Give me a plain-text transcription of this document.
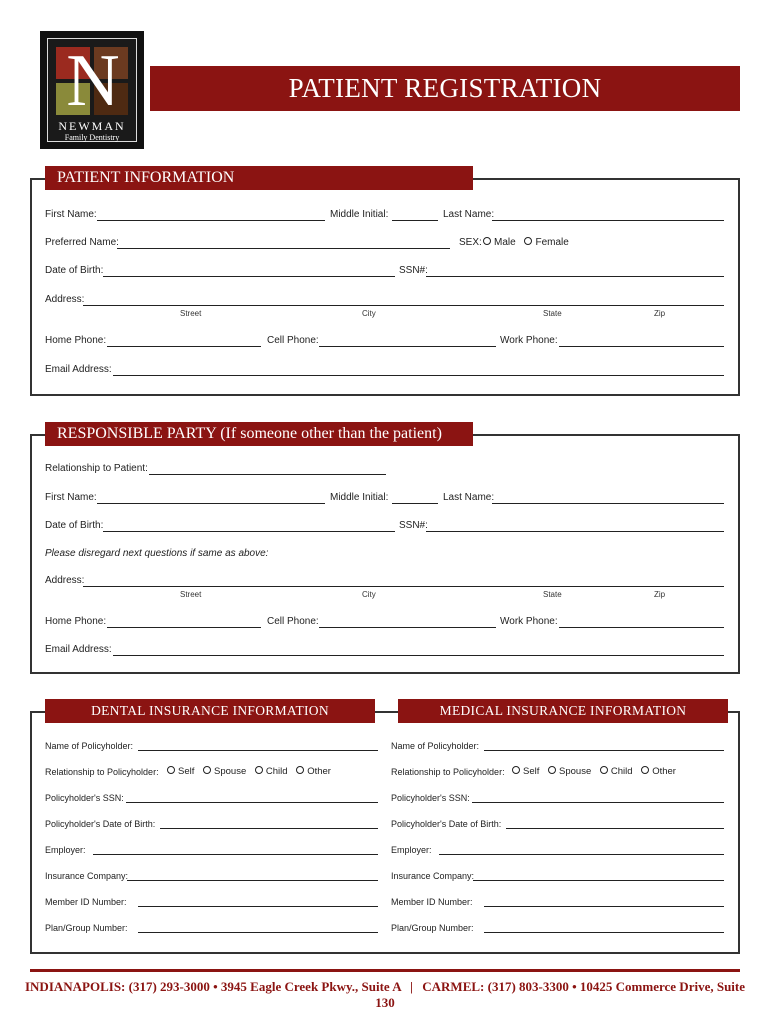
N
NEWMAN
Family Dentistry
PATIENT REGISTRATION
PATIENT INFORMATION
First Name:	Middle Initial:	Last Name:
Preferred Name:	SEX:	Male Female
Date of Birth:	SSN#:
Address:
Street	City	State	Zip
Home Phone:	Cell Phone:	Work Phone:
Email Address:
RESPONSIBLE PARTY (If someone other than the patient)
Relationship to Patient:
First Name:	Middle Initial:	Last Name:
Date of Birth:	SSN#:
Please disregard next questions if same as above:
Address:
Street	City	State	Zip
Home Phone:	Cell Phone:	Work Phone:
Email Address:
DENTAL INSURANCE INFORMATION	MEDICAL INSURANCE INFORMATION
Name of Policyholder:
Relationship to Policyholder:	Self Spouse Child Other
Policyholder's SSN:
Policyholder's Date of Birth:
Employer:
Insurance Company:
Member ID Number:
Plan/Group Number:
Name of Policyholder:
Relationship to Policyholder:	Self Spouse Child Other
Policyholder's SSN:
Policyholder's Date of Birth:
Employer:
Insurance Company:
Member ID Number:
Plan/Group Number:
INDIANAPOLIS: (317) 293-3000 • 3945 Eagle Creek Pkwy., Suite A | CARMEL: (317) 803-3300 • 10425 Commerce Drive, Suite 130
